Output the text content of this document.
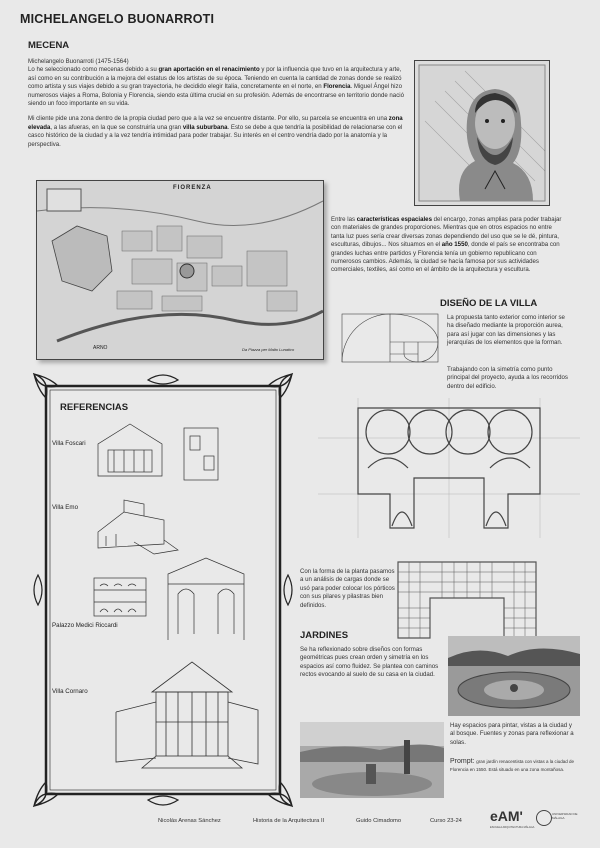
MICHELANGELO BUONARROTI
MECENA
Michelangelo Buonarroti (1475-1564)
Lo he seleccionado como mecenas debido a su gran aportación en el renacimiento y por la influencia que tuvo en la arquitectura y arte, así como en su contribución a la mejora del estatus de los artistas de su época. Teniendo en cuenta la cantidad de zonas donde se realizó como artista y sus viajes debido a su gran trayectoria, he decidido elegir Italia, concretamente en el norte, en Florencia. Miguel Ángel hizo numerosos viajes a Roma, Bolonia y Florencia, siendo esta última crucial en su profesión. Además de encontrarse en territorio donde nació siendo un foco importante en su vida.
Mi cliente pide una zona dentro de la propia ciudad pero que a la vez se encuentre distante. Por ello, su parcela se encuentra en una zona elevada, a las afueras, en la que se construiría una gran villa suburbana. Esto se debe a que tendría la posibilidad de relacionarse con el casco histórico de la ciudad y a la vez tendría intimidad para poder trabajar. Su interés en el centro vendría dado por la anatomía y la perspectiva.
FIORENZA
ARNO	Da Piazza per Malto Lunatico
Entre las características espaciales del encargo, zonas amplias para poder trabajar con materiales de grandes proporciones. Mientras que en otros espacios no entre tanta luz pues sería crear diversas zonas dependiendo del uso que se le dé, pintura, esculturas, dibujos... Nos situamos en el año 1550, donde el país se encontraba con grandes luchas entre partidos y Florencia tenía un gobierno republicano con numerosos cambios. Además, la ciudad se hacía famosa por sus actividades comerciales, textiles, así como en el ámbito de la arquitectura y escultura.
DISEÑO DE LA VILLA
La propuesta tanto exterior como interior se ha diseñado mediante la proporción aurea, para así jugar con las dimensiones y las jerarquías de los elementos que la forman.
Trabajando con la simetría como punto principal del proyecto, ayuda a los recorridos dentro del edificio.
Con la forma de la planta pasamos a un análisis de cargas donde se usó para poder colocar los pórticos con sus pilares y pilastras bien definidos.
REFERENCIAS
Villa Foscari
Villa Emo
Palazzo Medici Riccardi
Villa Cornaro
JARDINES
Se ha reflexionado sobre diseños con formas geométricas pues crean orden y simetría en los espacios así como fluidez. Se plantea con caminos rectos evocando al suelo de su casa en la ciudad.
Hay espacios para pintar, vistas a la ciudad y al bosque. Fuentes y zonas para reflexionar a solas.
Prompt: gran jardín renacentista con vistas a la ciudad de Florencia en 1550. Está situado en una zona montañosa.
Nicolás Arenas Sánchez	Historia de la Arquitectura II	Guido Cimadomo	Curso 23-24 eAM'
ESCUELA ARQUITECTURA MÁLAGA
UNIVERSIDAD DE MÁLAGA
